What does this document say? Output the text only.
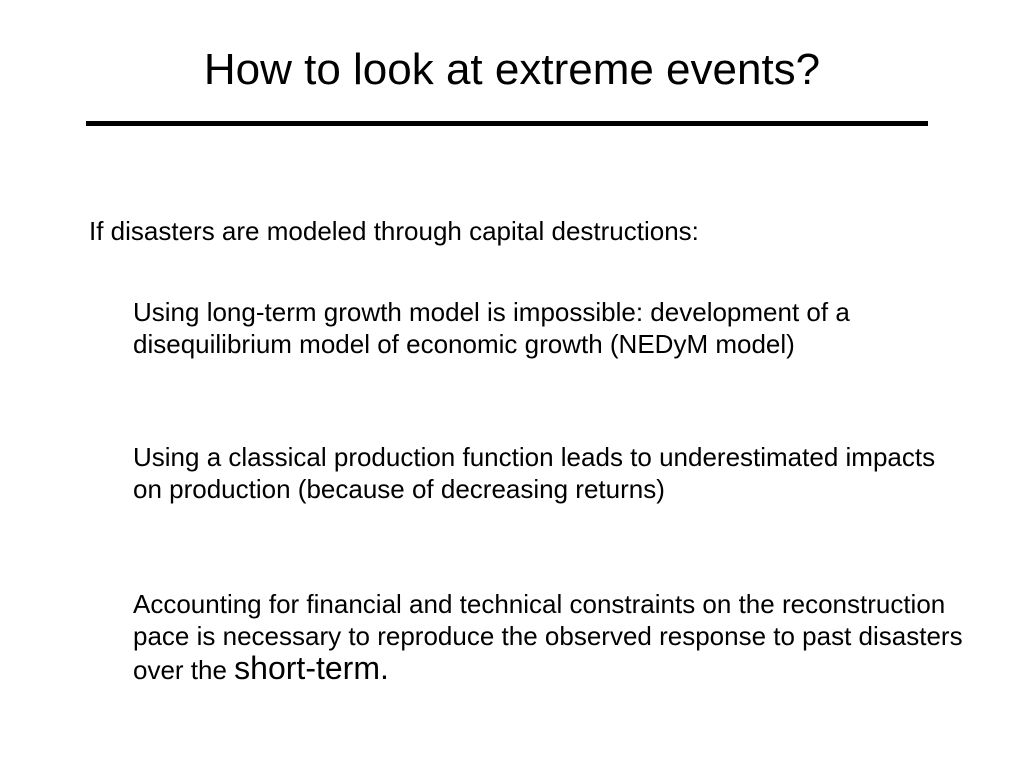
How to look at extreme events?

If disasters are modeled through capital destructions:

Using long-term growth model is impossible: development of a disequilibrium model of economic growth (NEDyM model)

Using a classical production function leads to underestimated impacts on production (because of decreasing returns)

Accounting for financial and technical constraints on the reconstruction pace is necessary to reproduce the observed response to past disasters over the short-term.
